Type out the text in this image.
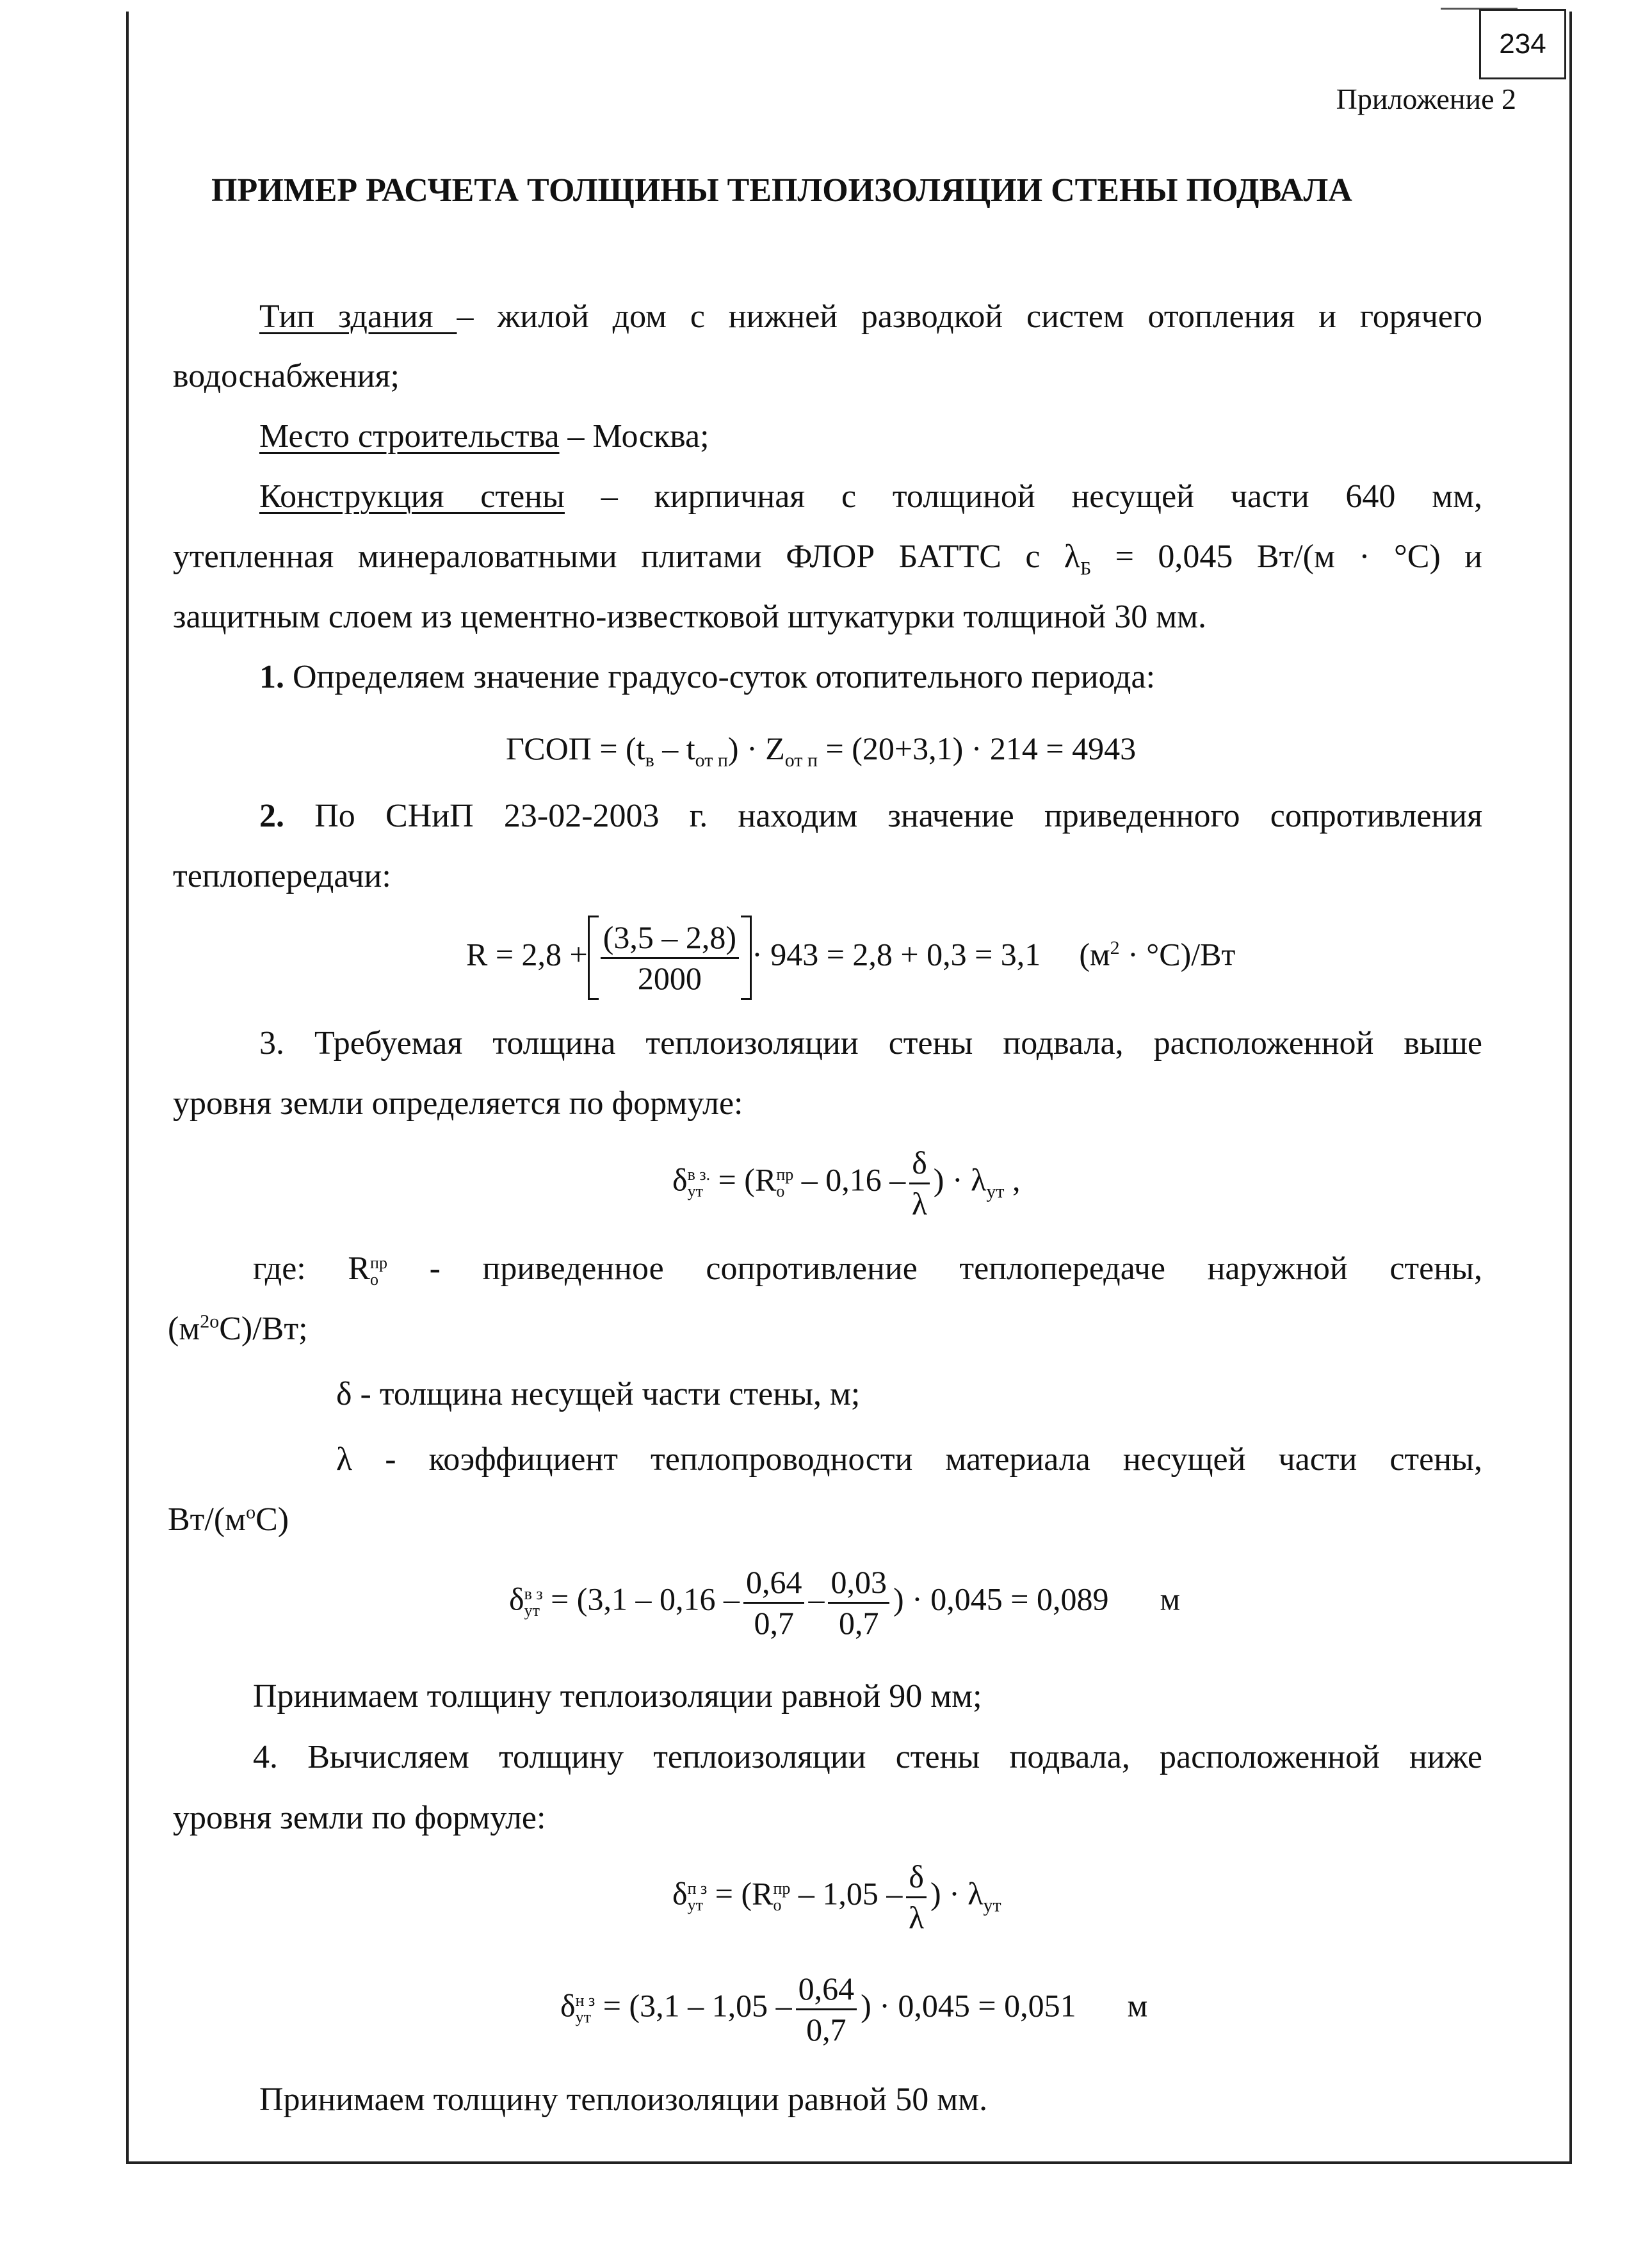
234
Приложение 2
ПРИМЕР РАСЧЕТА ТОЛЩИНЫ ТЕПЛОИЗОЛЯЦИИ СТЕНЫ ПОДВАЛА
Тип здания – жилой дом с нижней разводкой систем отопления и горячего
водоснабжения;
Место строительства – Москва;
Конструкция стены – кирпичная с толщиной несущей части 640 мм,
утепленная минераловатными плитами ФЛОР БАТТС с $\lambda_Б = 0,045$ Вт/(м · °С) и
защитным слоем из цементно-известковой штукатурки толщиной 30 мм.
1. Определяем значение градусо-суток отопительного периода:
ГСОП = $(t_в - t_{от п}) \cdot Z_{от п} = (20+3,1) \cdot 214 = 4943$
2. По СНиП 23-02-2003 г. находим значение приведенного сопротивления
теплопередачи:
$R = 2,8 + \frac{(3,5 - 2,8)}{2000} \cdot 943 = 2,8 + 0,3 = 3,1$ $(м^2 \cdot ^\circ С)/Вт$
3. Требуемая толщина теплоизоляции стены подвала, расположенной выше
уровня земли определяется по формуле:
δ в з.
ут = (R пр
о – $0,16 - \frac{\delta}{\lambda}$ ) · $\lambda_{ут}$ ,
где: R пр
о - приведенное сопротивление теплопередаче наружной стены,
$(м^{2о}С)/Вт$;
δ - толщина несущей части стены, м;
λ - коэффициент теплопроводности материала несущей части стены,
$Вт/(м^оС)$
δ в з
ут = ($3,1 - 0,16 - \frac{0,64}{0,7} - \frac{0,03}{0,7}$ ) · 0,045 = 0,089 м
Принимаем толщину теплоизоляции равной 90 мм;
4. Вычисляем толщину теплоизоляции стены подвала, расположенной ниже
уровня земли по формуле:
δ п з
ут = (R пр
о – $1,05 - \frac{\delta}{\lambda}$ ) · $\lambda_{ут}$
δ н з
ут = ($3,1 - 1,05 - \frac{0,64}{0,7}$ ) · 0,045 = 0,051 м
Принимаем толщину теплоизоляции равной 50 мм.
